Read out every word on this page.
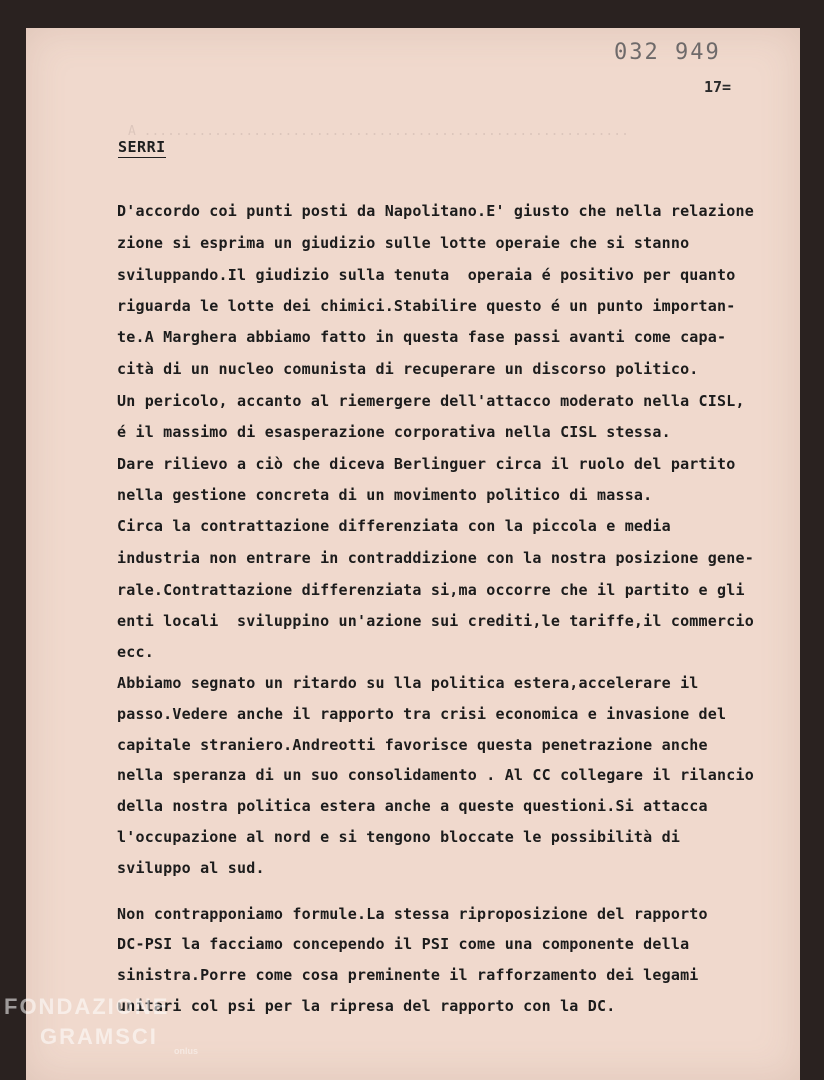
A ..............................................................
032 949
17=
SERRI
D'accordo coi punti posti da Napolitano.E' giusto che nella relazione
zione si esprima un giudizio sulle lotte operaie che si stanno
sviluppando.Il giudizio sulla tenuta  operaia é positivo per quanto
riguarda le lotte dei chimici.Stabilire questo é un punto importan-
te.A Marghera abbiamo fatto in questa fase passi avanti come capa-
cità di un nucleo comunista di recuperare un discorso politico.
Un pericolo, accanto al riemergere dell'attacco moderato nella CISL,
é il massimo di esasperazione corporativa nella CISL stessa.
Dare rilievo a ciò che diceva Berlinguer circa il ruolo del partito
nella gestione concreta di un movimento politico di massa.
Circa la contrattazione differenziata con la piccola e media
industria non entrare in contraddizione con la nostra posizione gene-
rale.Contrattazione differenziata si,ma occorre che il partito e gli
enti locali  sviluppino un'azione sui crediti,le tariffe,il commercio
ecc.
Abbiamo segnato un ritardo su lla politica estera,accelerare il
passo.Vedere anche il rapporto tra crisi economica e invasione del
capitale straniero.Andreotti favorisce questa penetrazione anche
nella speranza di un suo consolidamento . Al CC collegare il rilancio
della nostra politica estera anche a queste questioni.Si attacca
l'occupazione al nord e si tengono bloccate le possibilità di
sviluppo al sud.
Non contrapponiamo formule.La stessa riproposizione del rapporto
DC-PSI la facciamo concependo il PSI come una componente della
sinistra.Porre come cosa preminente il rafforzamento dei legami
unitari col psi per la ripresa del rapporto con la DC.
FONDAZIONE
GRAMSCI
onlus
